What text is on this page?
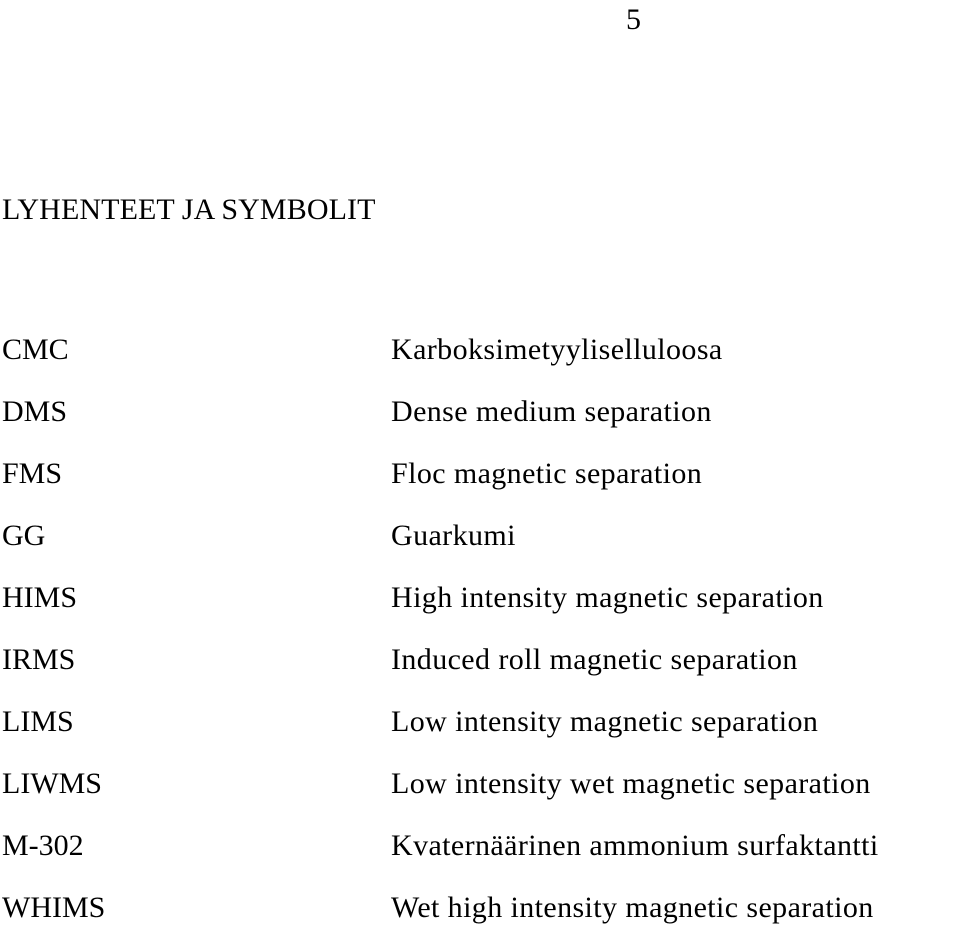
5
LYHENTEET JA SYMBOLIT
CMC	Karboksimetyyliselluloosa
DMS	Dense medium separation
FMS	Floc magnetic separation
GG	Guarkumi
HIMS	High intensity magnetic separation
IRMS	Induced roll magnetic separation
LIMS	Low intensity magnetic separation
LIWMS	Low intensity wet magnetic separation
M-302	Kvaternäärinen ammonium surfaktantti
WHIMS	Wet high intensity magnetic separation
